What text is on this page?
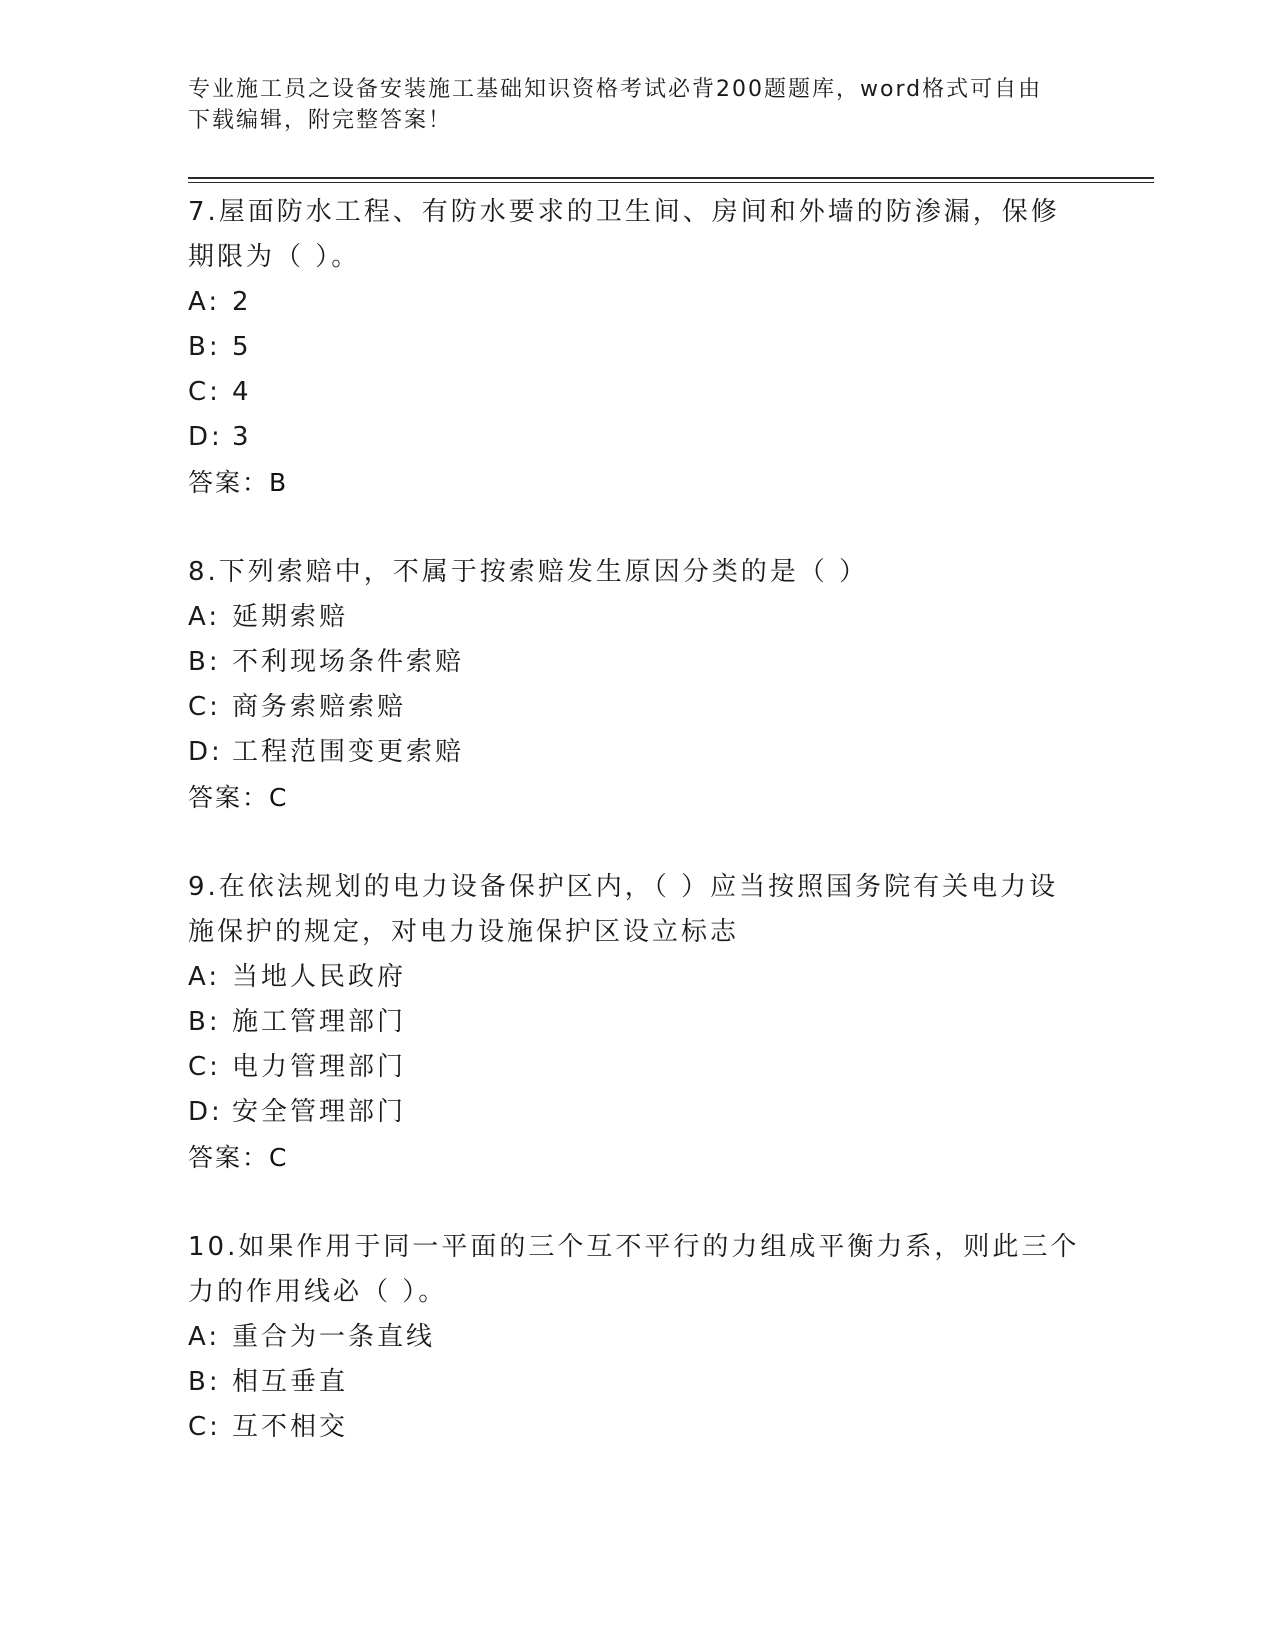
专业施工员之设备安装施工基础知识资格考试必背200题题库，word格式可自由
下载编辑，附完整答案！

7.屋面防水工程、有防水要求的卫生间、房间和外墙的防渗漏，保修

期限为（ ）。

A: 2

B: 5

C: 4

D: 3

答案：B

8.下列索赔中，不属于按索赔发生原因分类的是（ ）

A: 延期索赔

B: 不利现场条件索赔

C: 商务索赔索赔

D: 工程范围变更索赔

答案：C

9.在依法规划的电力设备保护区内，（ ）应当按照国务院有关电力设

施保护的规定，对电力设施保护区设立标志

A: 当地人民政府

B: 施工管理部门

C: 电力管理部门

D: 安全管理部门

答案：C

10.如果作用于同一平面的三个互不平行的力组成平衡力系，则此三个

力的作用线必（ ）。

A: 重合为一条直线

B: 相互垂直

C: 互不相交
